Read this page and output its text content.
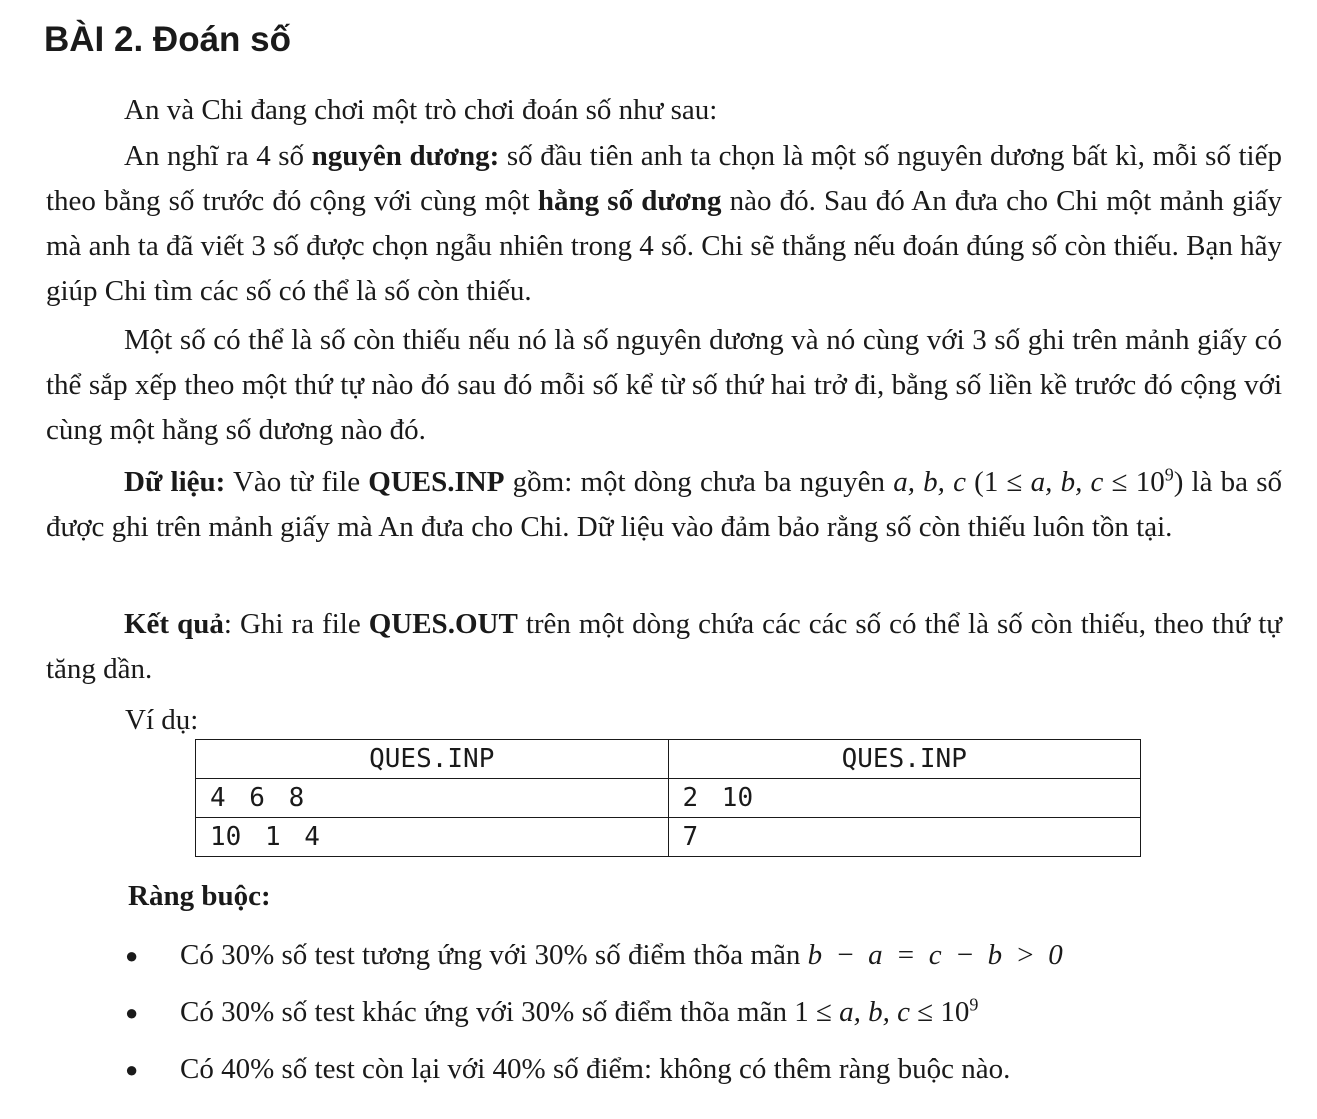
BÀI 2. Đoán số

An và Chi đang chơi một trò chơi đoán số như sau:

An nghĩ ra 4 số nguyên dương: số đầu tiên anh ta chọn là một số nguyên dương bất kì, mỗi số tiếp theo bằng số trước đó cộng với cùng một hằng số dương nào đó. Sau đó An đưa cho Chi một mảnh giấy mà anh ta đã viết 3 số được chọn ngẫu nhiên trong 4 số. Chi sẽ thắng nếu đoán đúng số còn thiếu. Bạn hãy giúp Chi tìm các số có thể là số còn thiếu.

Một số có thể là số còn thiếu nếu nó là số nguyên dương và nó cùng với 3 số ghi trên mảnh giấy có thể sắp xếp theo một thứ tự nào đó sau đó mỗi số kể từ số thứ hai trở đi, bằng số liền kề trước đó cộng với cùng một hằng số dương nào đó.

Dữ liệu: Vào từ file QUES.INP gồm: một dòng chưa ba nguyên a, b, c (1 ≤ a, b, $c \le 10^9$) là ba số được ghi trên mảnh giấy mà An đưa cho Chi. Dữ liệu vào đảm bảo rằng số còn thiếu luôn tồn tại.

Kết quả: Ghi ra file QUES.OUT trên một dòng chứa các các số có thể là số còn thiếu, theo thứ tự tăng dần.

Ví dụ:

QUES.INP	QUES.INP
4 6 8	2 10
10 1 4	7

Ràng buộc:

● Có 30% số test tương ứng với 30% số điểm thõa mãn b − a = c − b > 0
● Có 30% số test khác ứng với 30% số điểm thõa mãn 1 ≤ a, b, $c \le 10^9$
● Có 40% số test còn lại với 40% số điểm: không có thêm ràng buộc nào.
